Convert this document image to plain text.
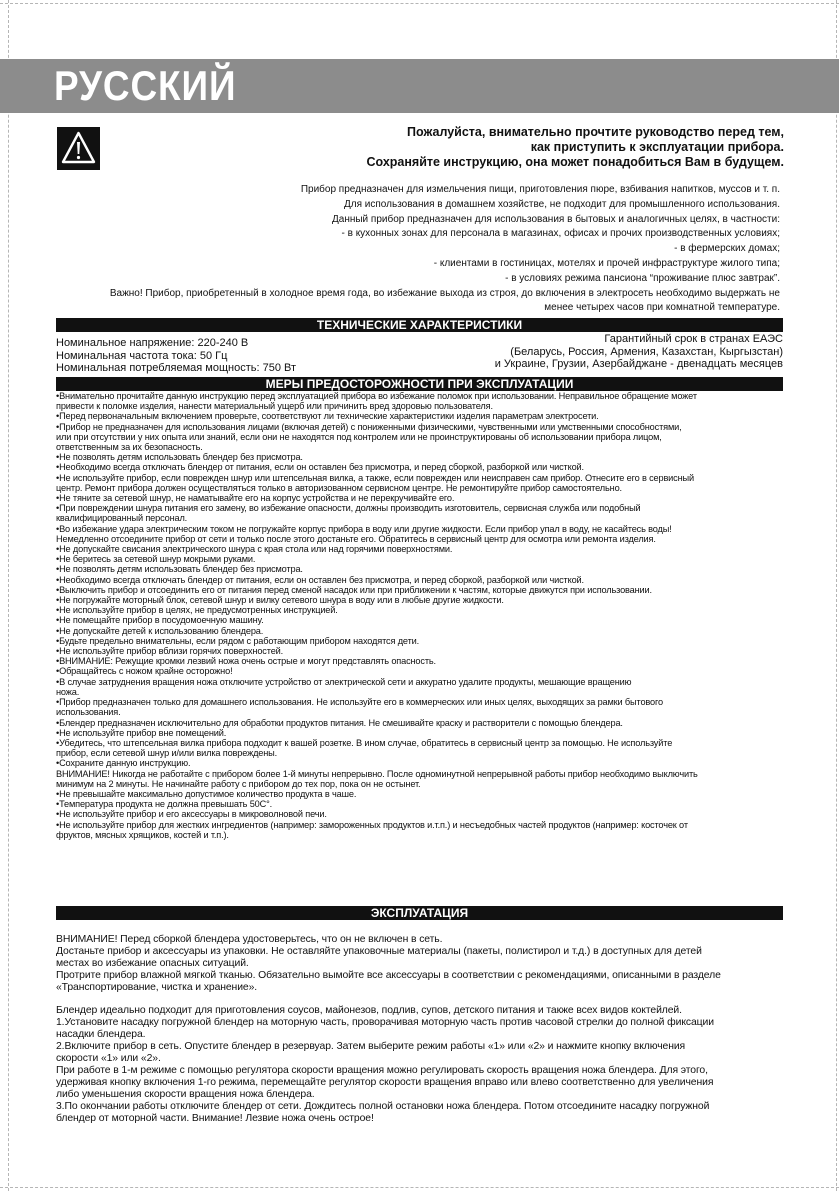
РУССКИЙ
Пожалуйста, внимательно прочтите руководство перед тем,
как приступить к эксплуатации прибора.
Сохраняйте инструкцию, она может понадобиться Вам в будущем.
Прибор предназначен для измельчения пищи, приготовления пюре, взбивания напитков, муссов и т. п.
Для использования в домашнем хозяйстве, не подходит для промышленного использования.
Данный прибор предназначен для использования в бытовых и аналогичных целях, в частности:
- в кухонных зонах для персонала в магазинах, офисах и прочих производственных условиях;
- в фермерских домах;
- клиентами в гостиницах, мотелях и прочей инфраструктуре жилого типа;
- в условиях режима пансиона “проживание плюс завтрак”.
Важно! Прибор, приобретенный в холодное время года, во избежание выхода из строя, до включения в электросеть необходимо выдержать не
менее четырех часов при комнатной температуре.
ТЕХНИЧЕСКИЕ ХАРАКТЕРИСТИКИ
Номинальное напряжение: 220-240 В
Номинальная частота тока: 50 Гц
Номинальная потребляемая мощность: 750 Вт
Гарантийный срок в странах ЕАЭС
(Беларусь, Россия, Армения, Казахстан, Кыргызстан)
и Украине, Грузии, Азербайджане - двенадцать месяцев
МЕРЫ ПРЕДОСТОРОЖНОСТИ ПРИ ЭКСПЛУАТАЦИИ

•Внимательно прочитайте данную инструкцию перед эксплуатацией прибора во избежание поломок при использовании. Неправильное обращение может

привести к поломке изделия, нанести материальный ущерб или причинить вред здоровью пользователя.

•Перед первоначальным включением проверьте, соответствуют ли технические характеристики изделия параметрам электросети.

•Прибор не предназначен для использования лицами (включая детей) с пониженными физическими, чувственными или умственными способностями,

или при отсутствии у них опыта или знаний, если они не находятся под контролем или не проинструктированы об использовании прибора лицом,

ответственным за их безопасность.

•Не позволять детям использовать блендер без присмотра.

•Необходимо всегда отключать блендер от питания, если он оставлен без присмотра, и перед сборкой, разборкой или чисткой.

•Не используйте прибор, если поврежден шнур или штепсельная вилка, а также, если поврежден или неисправен сам прибор. Отнесите его в сервисный

центр. Ремонт прибора должен осуществляться только в авторизованном сервисном центре. Не ремонтируйте прибор самостоятельно.

•Не тяните за сетевой шнур, не наматывайте его на корпус устройства и не перекручивайте его.

•При повреждении шнура питания его замену, во избежание опасности, должны производить изготовитель, сервисная служба или подобный

квалифицированный персонал.

•Во избежание удара электрическим током не погружайте корпус прибора в воду или другие жидкости. Если прибор упал в воду, не касайтесь воды!

Немедленно отсоедините прибор от сети и только после этого достаньте его. Обратитесь в сервисный центр для осмотра или ремонта изделия.

•Не допускайте свисания электрического шнура с края стола или над горячими поверхностями.

•Не беритесь за сетевой шнур мокрыми руками.

•Не позволять детям использовать блендер без присмотра.

•Необходимо всегда отключать блендер от питания, если он оставлен без присмотра, и перед сборкой, разборкой или чисткой.

•Выключить прибор и отсоединить его от питания перед сменой насадок или при приближении к частям, которые движутся при использовании.

•Не погружайте моторный блок, сетевой шнур и вилку сетевого шнура в воду или в любые другие жидкости.

•Не используйте прибор в целях, не предусмотренных инструкцией.

•Не помещайте прибор в посудомоечную машину.

•Не допускайте детей к использованию блендера.

•Будьте предельно внимательны, если рядом с работающим прибором находятся дети.

•Не используйте прибор вблизи горячих поверхностей.

•ВНИМАНИЕ: Режущие кромки лезвий ножа очень острые и могут представлять опасность.

•Обращайтесь с ножом крайне осторожно!

•В случае затруднения вращения ножа отключите устройство от электрической сети и аккуратно удалите продукты, мешающие вращению

ножа.

•Прибор предназначен только для домашнего использования. Не используйте его в коммерческих или иных целях, выходящих за рамки бытового

использования.

•Блендер предназначен исключительно для обработки продуктов питания. Не смешивайте краску и растворители с помощью блендера.

•Не используйте прибор вне помещений.

•Убедитесь, что штепсельная вилка прибора подходит к вашей розетке. В ином случае, обратитесь в сервисный центр за помощью. Не используйте

прибор, если сетевой шнур и/или вилка повреждены.

•Сохраните данную инструкцию.

ВНИМАНИЕ! Никогда не работайте с прибором более 1-й минуты непрерывно. После одноминутной непрерывной работы прибор необходимо выключить

минимум на 2 минуты. Не начинайте работу с прибором до тех пор, пока он не остынет.

•Не превышайте максимально допустимое количество продукта в чаше.

•Температура продукта не должна превышать 50С°.

•Не используйте прибор и его аксессуары в микроволновой печи.

•Не используйте прибор для жестких ингредиентов (например: замороженных продуктов и.т.п.) и несъедобных частей продуктов (например: косточек от

фруктов, мясных хрящиков, костей и т.п.).

ЭКСПЛУАТАЦИЯ

ВНИМАНИЕ! Перед сборкой блендера удостоверьтесь, что он не включен в сеть.

Достаньте прибор и аксессуары из упаковки. Не оставляйте упаковочные материалы (пакеты, полистирол и т.д.) в доступных для детей

местах во избежание опасных ситуаций.

Протрите прибор влажной мягкой тканью. Обязательно вымойте все аксессуары в соответствии с рекомендациями, описанными в разделе

«Транспортирование, чистка и хранение».

Блендер идеально подходит для приготовления соусов, майонезов, подлив, супов, детского питания и также всех видов коктейлей.

1.Установите насадку погружной блендер на моторную часть, проворачивая моторную часть против часовой стрелки до полной фиксации

насадки блендера.

2.Включите прибор в сеть. Опустите блендер в резервуар. Затем выберите режим работы «1» или «2» и нажмите кнопку включения

скорости «1» или «2».

При работе в 1-м режиме с помощью регулятора скорости вращения можно регулировать скорость вращения ножа блендера. Для этого,

удерживая кнопку включения 1-го режима, перемещайте регулятор скорости вращения вправо или влево соответственно для увеличения

либо уменьшения скорости вращения ножа блендера.

3.По окончании работы отключите блендер от сети. Дождитесь полной остановки ножа блендера. Потом отсоедините насадку погружной

блендер от моторной части. Внимание! Лезвие ножа очень острое!
